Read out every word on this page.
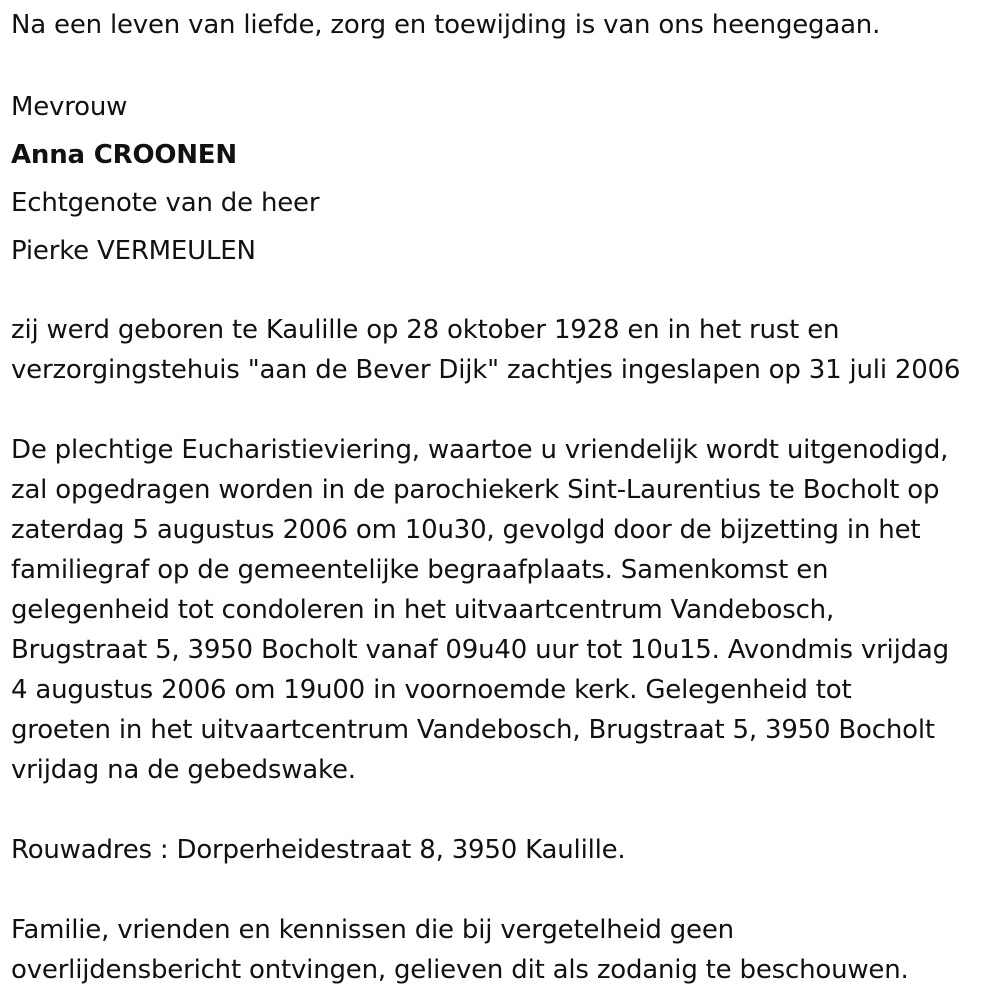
Na een leven van liefde, zorg en toewijding is van ons heengegaan.

Mevrouw

Anna CROONEN

Echtgenote van de heer

Pierke VERMEULEN

zij werd geboren te Kaulille op 28 oktober 1928 en in het rust en

verzorgingstehuis "aan de Bever Dijk" zachtjes ingeslapen op 31 juli 2006

De plechtige Eucharistieviering, waartoe u vriendelijk wordt uitgenodigd,

zal opgedragen worden in de parochiekerk Sint-Laurentius te Bocholt op

zaterdag 5 augustus 2006 om 10u30, gevolgd door de bijzetting in het

familiegraf op de gemeentelijke begraafplaats. Samenkomst en

gelegenheid tot condoleren in het uitvaartcentrum Vandebosch,

Brugstraat 5, 3950 Bocholt vanaf 09u40 uur tot 10u15. Avondmis vrijdag

4 augustus 2006 om 19u00 in voornoemde kerk. Gelegenheid tot

groeten in het uitvaartcentrum Vandebosch, Brugstraat 5, 3950 Bocholt

vrijdag na de gebedswake.

Rouwadres : Dorperheidestraat 8, 3950 Kaulille.

Familie, vrienden en kennissen die bij vergetelheid geen

overlijdensbericht ontvingen, gelieven dit als zodanig te beschouwen.
